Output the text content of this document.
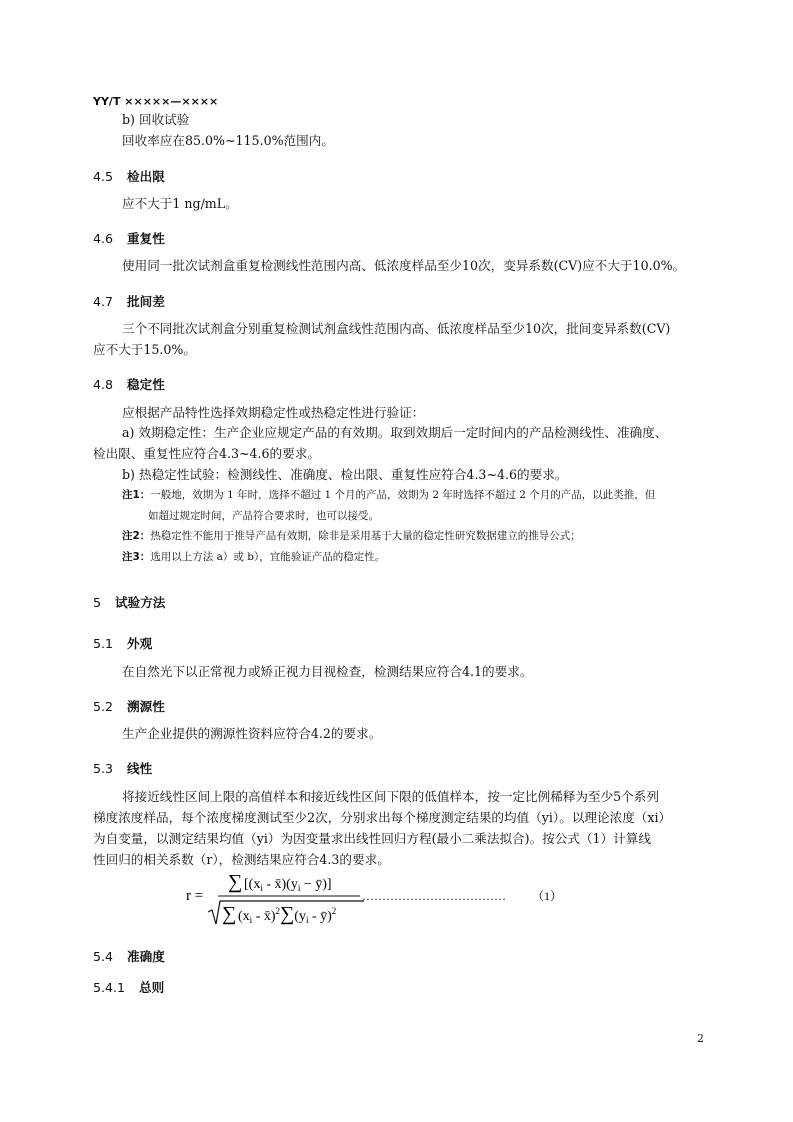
YY/T ×××××—××××
b) 回收试验
回收率应在85.0%~115.0%范围内。
4.5 检出限
应不大于1 ng/mL。
4.6 重复性
使用同一批次试剂盒重复检测线性范围内高、低浓度样品至少10次，变异系数(CV)应不大于10.0%。
4.7 批间差
三个不同批次试剂盒分别重复检测试剂盒线性范围内高、低浓度样品至少10次，批间变异系数(CV)
应不大于15.0%。
4.8 稳定性
应根据产品特性选择效期稳定性或热稳定性进行验证：
a) 效期稳定性：生产企业应规定产品的有效期。取到效期后一定时间内的产品检测线性、准确度、
检出限、重复性应符合4.3~4.6的要求。
b) 热稳定性试验：检测线性、准确度、检出限、重复性应符合4.3~4.6的要求。
注1：一般地，效期为 1 年时，选择不超过 1 个月的产品，效期为 2 年时选择不超过 2 个月的产品，以此类推，但
如超过规定时间，产品符合要求时，也可以接受。
注2：热稳定性不能用于推导产品有效期，除非是采用基于大量的稳定性研究数据建立的推导公式；
注3：选用以上方法 a）或 b），宜能验证产品的稳定性。
5 试验方法
5.1 外观
在自然光下以正常视力或矫正视力目视检查，检测结果应符合4.1的要求。
5.2 溯源性
生产企业提供的溯源性资料应符合4.2的要求。
5.3 线性
将接近线性区间上限的高值样本和接近线性区间下限的低值样本，按一定比例稀释为至少5个系列
梯度浓度样品，每个浓度梯度测试至少2次，分别求出每个梯度测定结果的均值（yi）。以理论浓度（xi）
为自变量，以测定结果均值（yi）为因变量求出线性回归方程(最小二乘法拟合)。按公式（1）计算线
性回归的相关系数（r），检测结果应符合4.3的要求。
r =
∑ [($x_i$ - $x̄)(y_i$ − ȳ)]
∑ ($x_i$ - $x̄)^2\sum(y_i$ - ȳ)$^2$
……………………………… （1）
5.4 准确度
5.4.1 总则
2
